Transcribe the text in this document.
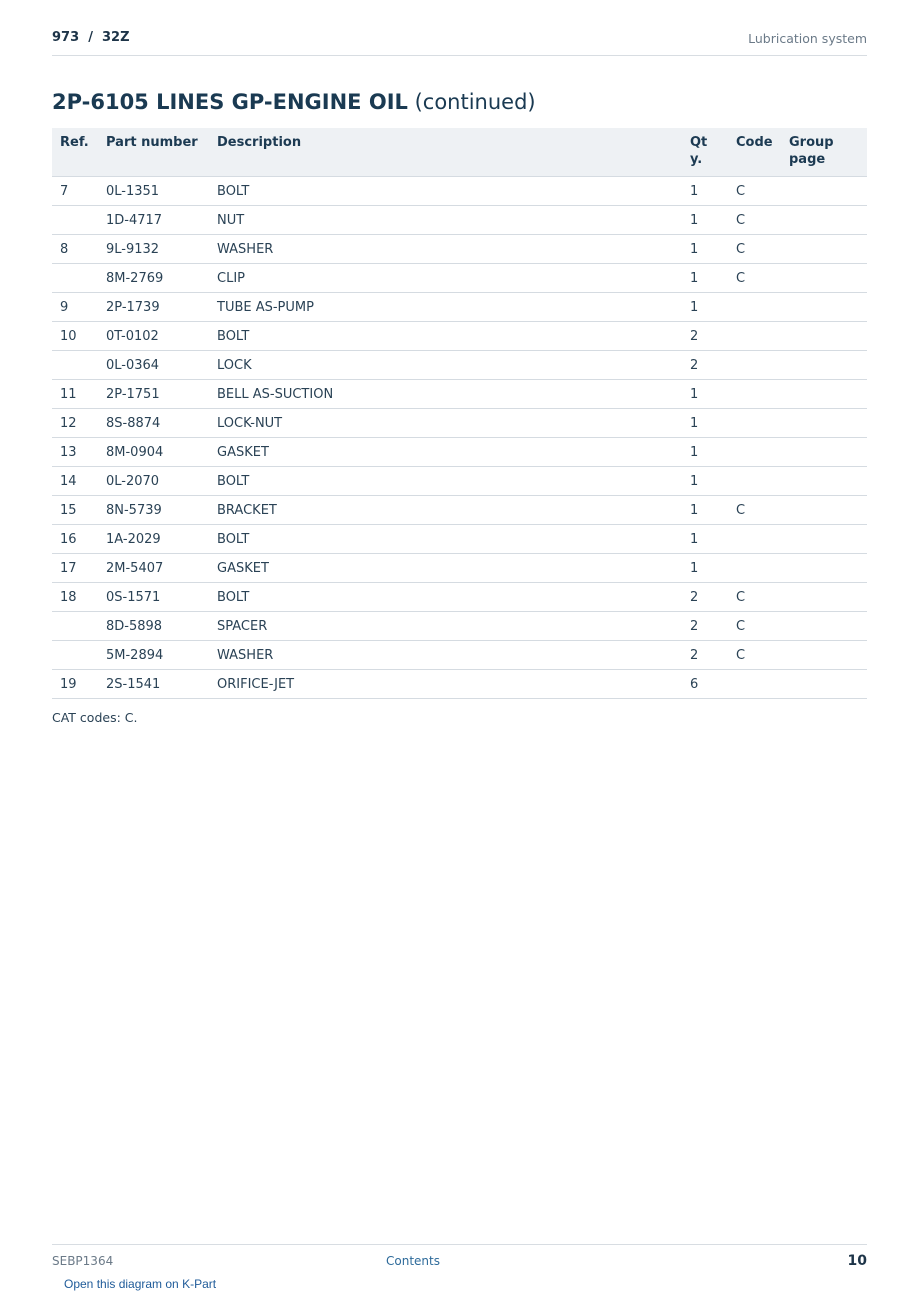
973 / 32Z	Lubrication system
2P-6105 LINES GP-ENGINE OIL (continued)
Ref.	Part number	Description	Qty.	Code	Group page
7	0L-1351	BOLT	1	C	
	1D-4717	NUT	1	C	
8	9L-9132	WASHER	1	C	
	8M-2769	CLIP	1	C	
9	2P-1739	TUBE AS-PUMP	1		
10	0T-0102	BOLT	2		
	0L-0364	LOCK	2		
11	2P-1751	BELL AS-SUCTION	1		
12	8S-8874	LOCK-NUT	1		
13	8M-0904	GASKET	1		
14	0L-2070	BOLT	1		
15	8N-5739	BRACKET	1	C	
16	1A-2029	BOLT	1		
17	2M-5407	GASKET	1		
18	0S-1571	BOLT	2	C	
	8D-5898	SPACER	2	C	
	5M-2894	WASHER	2	C	
19	2S-1541	ORIFICE-JET	6		
CAT codes: C.
SEBP1364	Contents	10
Open this diagram on K-Part
